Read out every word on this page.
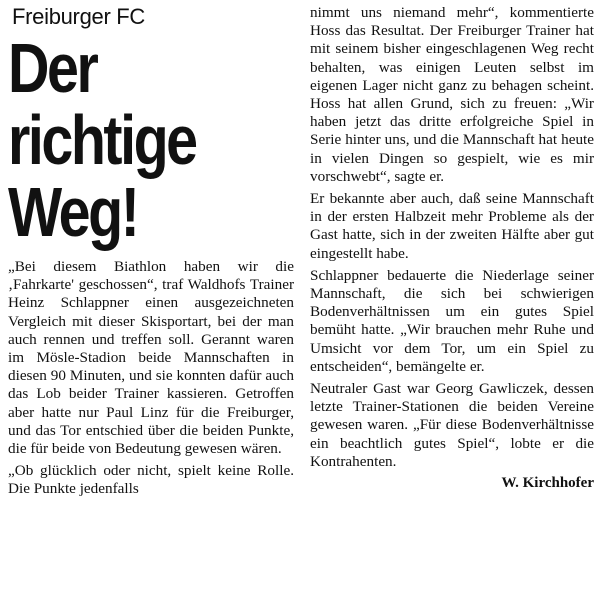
Freiburger FC
Der
richtige
Weg!

„Bei diesem Biathlon haben wir die ‚Fahrkarte' geschossen“, traf Waldhofs Trainer Heinz Schlappner einen ausgezeichneten Vergleich mit dieser Skisportart, bei der man auch rennen und treffen soll. Gerannt waren im Mösle-Stadion beide Mannschaften in diesen 90 Minuten, und sie konnten dafür auch das Lob beider Trainer kassieren. Getroffen aber hatte nur Paul Linz für die Freiburger, und das Tor entschied über die beiden Punkte, die für beide von Bedeutung gewesen wären.

„Ob glücklich oder nicht, spielt keine Rolle. Die Punkte jedenfalls

nimmt uns niemand mehr“, kommentierte Hoss das Resultat. Der Freiburger Trainer hat mit seinem bisher eingeschlagenen Weg recht behalten, was einigen Leuten selbst im eigenen Lager nicht ganz zu behagen scheint. Hoss hat allen Grund, sich zu freuen: „Wir haben jetzt das dritte erfolgreiche Spiel in Serie hinter uns, und die Mannschaft hat heute in vielen Dingen so gespielt, wie es mir vorschwebt“, sagte er.

Er bekannte aber auch, daß seine Mannschaft in der ersten Halbzeit mehr Probleme als der Gast hatte, sich in der zweiten Hälfte aber gut eingestellt habe.

Schlappner bedauerte die Niederlage seiner Mannschaft, die sich bei schwierigen Bodenverhältnissen um ein gutes Spiel bemüht hatte. „Wir brauchen mehr Ruhe und Umsicht vor dem Tor, um ein Spiel zu entscheiden“, bemängelte er.

Neutraler Gast war Georg Gawliczek, dessen letzte Trainer-Stationen die beiden Vereine gewesen waren. „Für diese Bodenverhältnisse ein beachtlich gutes Spiel“, lobte er die Kontrahenten.

W. Kirchhofer
